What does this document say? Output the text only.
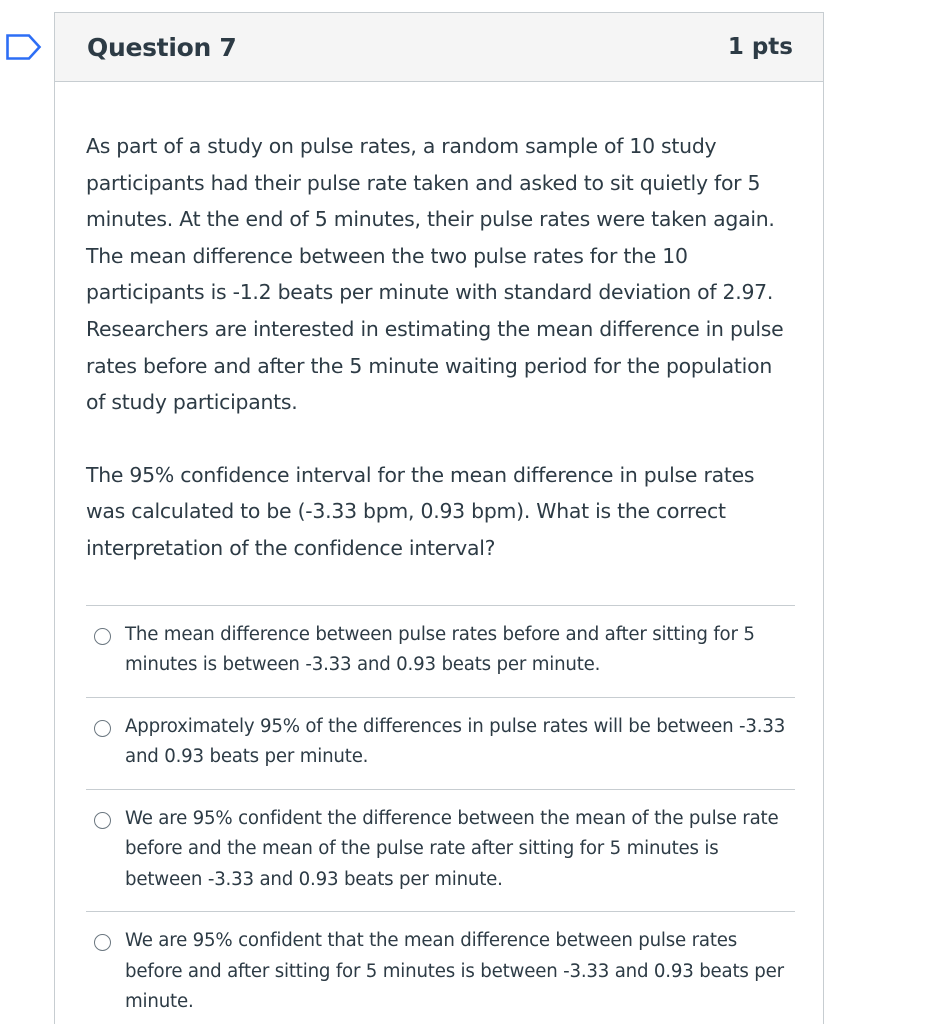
Question 7	1 pts

As part of a study on pulse rates, a random sample of 10 study participants had their pulse rate taken and asked to sit quietly for 5 minutes. At the end of 5 minutes, their pulse rates were taken again. The mean difference between the two pulse rates for the 10 participants is -1.2 beats per minute with standard deviation of 2.97. Researchers are interested in estimating the mean difference in pulse rates before and after the 5 minute waiting period for the population of study participants.

The 95% confidence interval for the mean difference in pulse rates was calculated to be (-3.33 bpm, 0.93 bpm). What is the correct interpretation of the confidence interval?

The mean difference between pulse rates before and after sitting for 5 minutes is between -3.33 and 0.93 beats per minute.
Approximately 95% of the differences in pulse rates will be between -3.33 and 0.93 beats per minute.
We are 95% confident the difference between the mean of the pulse rate before and the mean of the pulse rate after sitting for 5 minutes is between -3.33 and 0.93 beats per minute.
We are 95% confident that the mean difference between pulse rates before and after sitting for 5 minutes is between -3.33 and 0.93 beats per minute.
